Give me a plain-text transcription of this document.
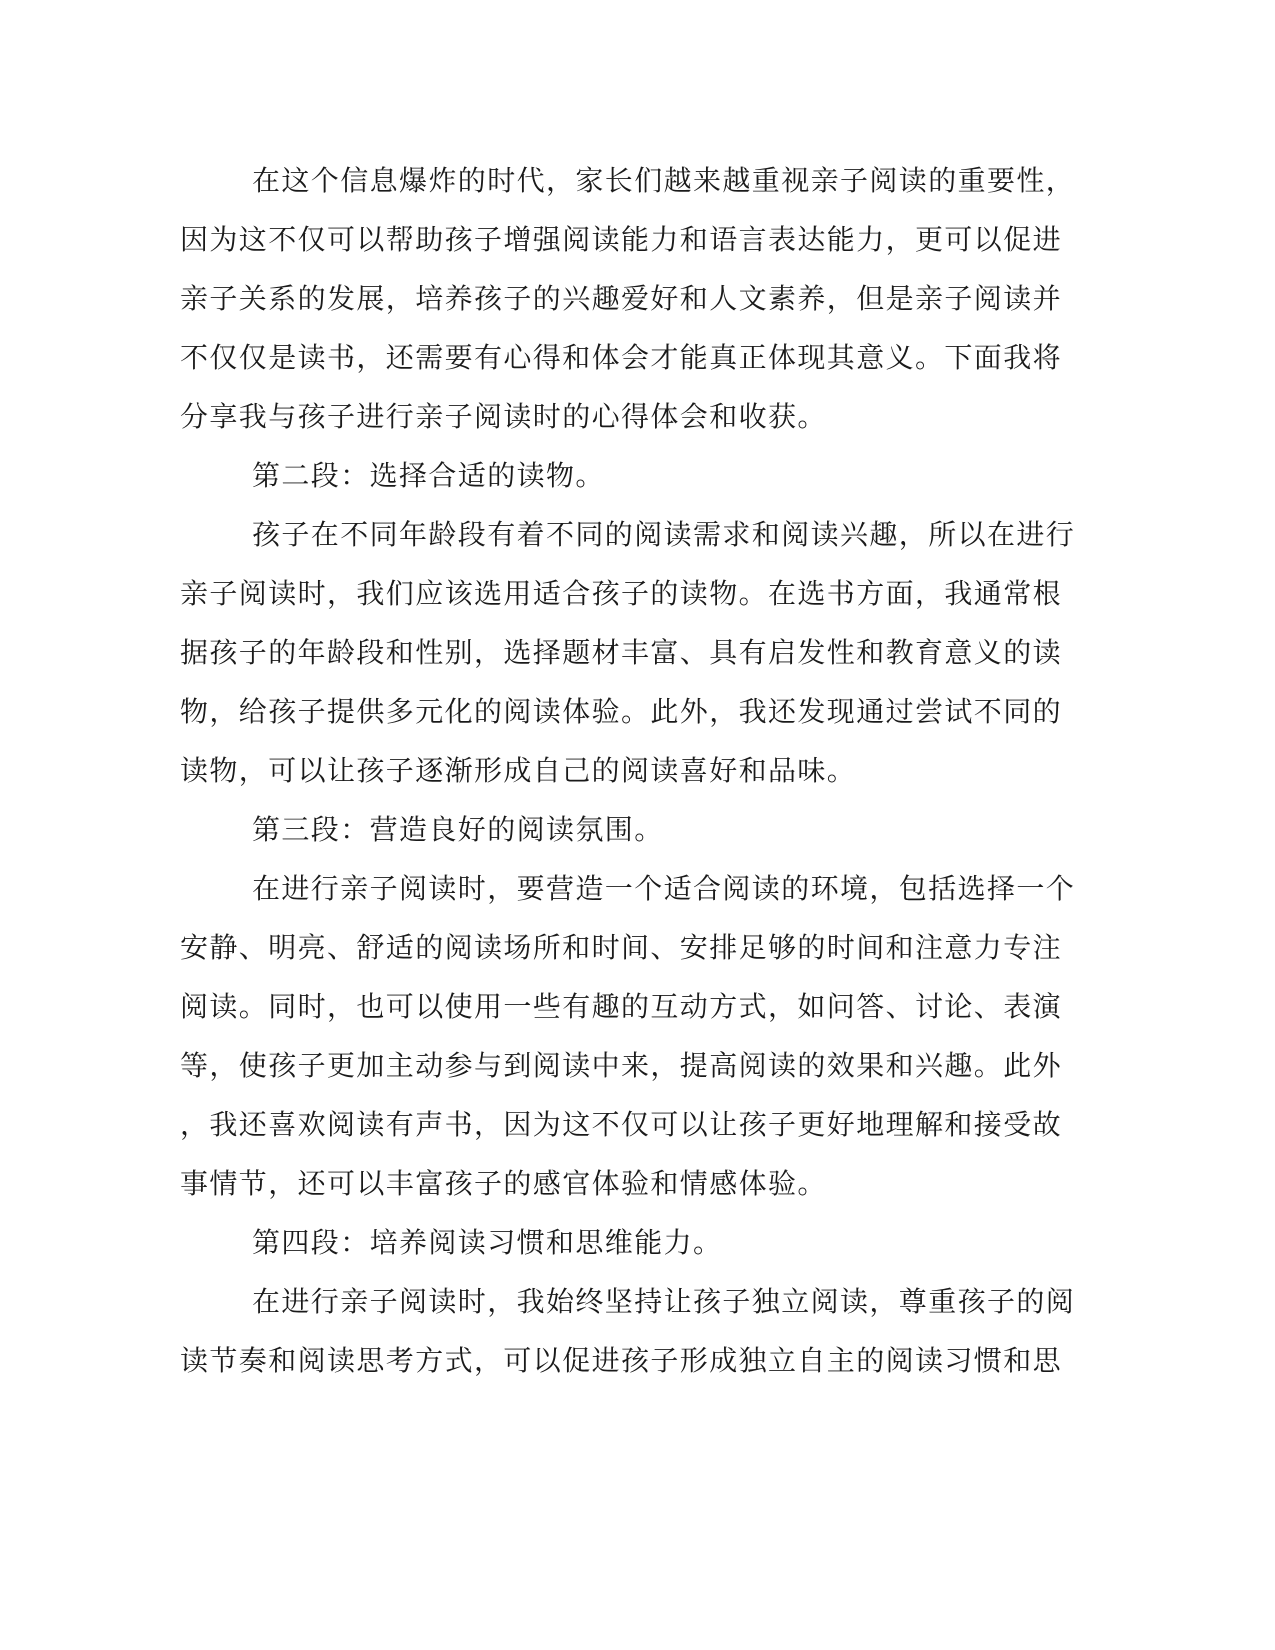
在这个信息爆炸的时代，家长们越来越重视亲子阅读的重要性，
因为这不仅可以帮助孩子增强阅读能力和语言表达能力，更可以促进
亲子关系的发展，培养孩子的兴趣爱好和人文素养，但是亲子阅读并
不仅仅是读书，还需要有心得和体会才能真正体现其意义。下面我将
分享我与孩子进行亲子阅读时的心得体会和收获。
第二段：选择合适的读物。
孩子在不同年龄段有着不同的阅读需求和阅读兴趣，所以在进行
亲子阅读时，我们应该选用适合孩子的读物。在选书方面，我通常根
据孩子的年龄段和性别，选择题材丰富、具有启发性和教育意义的读
物，给孩子提供多元化的阅读体验。此外，我还发现通过尝试不同的
读物，可以让孩子逐渐形成自己的阅读喜好和品味。
第三段：营造良好的阅读氛围。
在进行亲子阅读时，要营造一个适合阅读的环境，包括选择一个
安静、明亮、舒适的阅读场所和时间、安排足够的时间和注意力专注
阅读。同时，也可以使用一些有趣的互动方式，如问答、讨论、表演
等，使孩子更加主动参与到阅读中来，提高阅读的效果和兴趣。此外
，我还喜欢阅读有声书，因为这不仅可以让孩子更好地理解和接受故
事情节，还可以丰富孩子的感官体验和情感体验。
第四段：培养阅读习惯和思维能力。
在进行亲子阅读时，我始终坚持让孩子独立阅读，尊重孩子的阅
读节奏和阅读思考方式，可以促进孩子形成独立自主的阅读习惯和思
